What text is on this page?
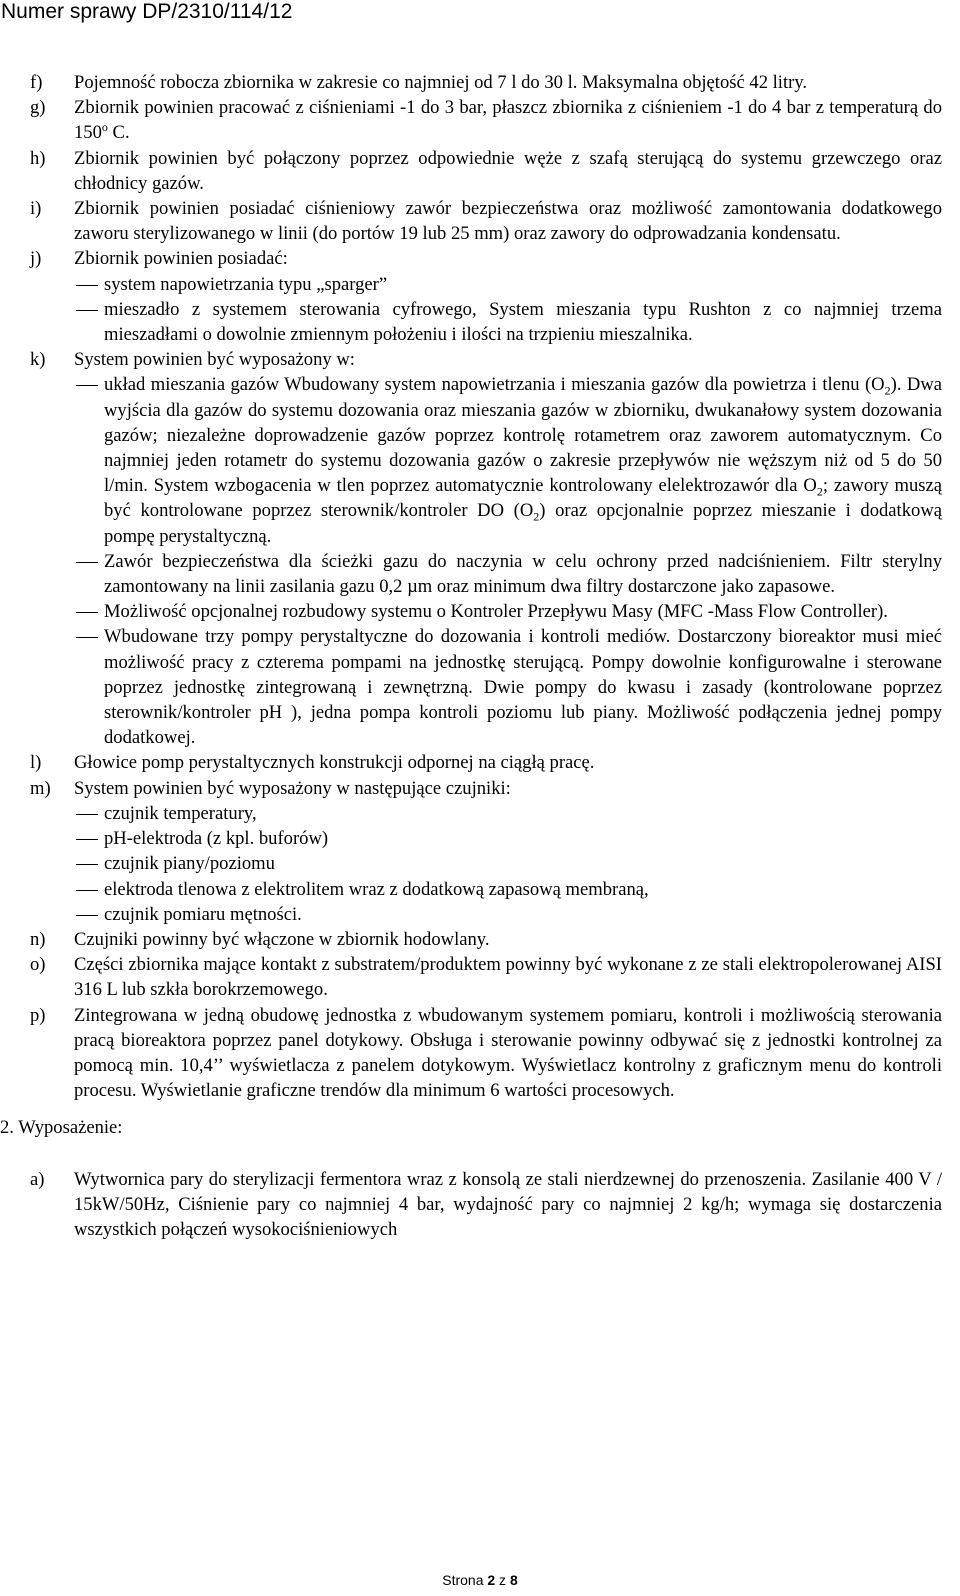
Numer sprawy DP/2310/114/12
f)	Pojemność robocza zbiornika w zakresie co najmniej od 7 l do 30 l. Maksymalna objętość 42 litry.
g)	Zbiornik powinien pracować z ciśnieniami -1 do 3 bar, płaszcz zbiornika z ciśnieniem -1 do 4 bar z temperaturą do 150$^o$ C.
h)	Zbiornik powinien być połączony poprzez odpowiednie węże z szafą sterującą do systemu grzewczego oraz chłodnicy gazów.
i)	Zbiornik powinien posiadać ciśnieniowy zawór bezpieczeństwa oraz możliwość zamontowania dodatkowego zaworu sterylizowanego w linii (do portów 19 lub 25 mm) oraz zawory do odprowadzania kondensatu.
j)	Zbiornik powinien posiadać:
system napowietrzania typu „sparger”
mieszadło z systemem sterowania cyfrowego, System mieszania typu Rushton z co najmniej trzema mieszadłami o dowolnie zmiennym położeniu i ilości na trzpieniu mieszalnika.
k)	System powinien być wyposażony w:
układ mieszania gazów Wbudowany system napowietrzania i mieszania gazów dla powietrza i tlenu $(O_2)$. Dwa wyjścia dla gazów do systemu dozowania oraz mieszania gazów w zbiorniku, dwukanałowy system dozowania gazów; niezależne doprowadzenie gazów poprzez kontrolę rotametrem oraz zaworem automatycznym. Co najmniej jeden rotametr do systemu dozowania gazów o zakresie przepływów nie węższym niż od 5 do 50 l/min. System wzbogacenia w tlen poprzez automatycznie kontrolowany elelektrozawór dla $O_2$; zawory muszą być kontrolowane poprzez sterownik/kontroler DO $(O_2)$ oraz opcjonalnie poprzez mieszanie i dodatkową pompę perystaltyczną.
Zawór bezpieczeństwa dla ścieżki gazu do naczynia w celu ochrony przed nadciśnieniem. Filtr sterylny zamontowany na linii zasilania gazu 0,2 µm oraz minimum dwa filtry dostarczone jako zapasowe.
Możliwość opcjonalnej rozbudowy systemu o Kontroler Przepływu Masy (MFC -Mass Flow Controller).
Wbudowane trzy pompy perystaltyczne do dozowania i kontroli mediów. Dostarczony bioreaktor musi mieć możliwość pracy z czterema pompami na jednostkę sterującą. Pompy dowolnie konfigurowalne i sterowane poprzez jednostkę zintegrowaną i zewnętrzną. Dwie pompy do kwasu i zasady (kontrolowane poprzez sterownik/kontroler pH ), jedna pompa kontroli poziomu lub piany. Możliwość podłączenia jednej pompy dodatkowej.
l)	Głowice pomp perystaltycznych konstrukcji odpornej na ciągłą pracę.
m)	System powinien być wyposażony w następujące czujniki:
czujnik temperatury,
pH-elektroda (z kpl. buforów)
czujnik piany/poziomu
elektroda tlenowa z elektrolitem wraz z dodatkową zapasową membraną,
czujnik pomiaru mętności.
n)	Czujniki powinny być włączone w zbiornik hodowlany.
o)	Części zbiornika mające kontakt z substratem/produktem powinny być wykonane z ze stali elektropolerowanej AISI 316 L lub szkła borokrzemowego.
p)	Zintegrowana w jedną obudowę jednostka z wbudowanym systemem pomiaru, kontroli i możliwością sterowania pracą bioreaktora poprzez panel dotykowy. Obsługa i sterowanie powinny odbywać się z jednostki kontrolnej za pomocą min. 10,4’’ wyświetlacza z panelem dotykowym. Wyświetlacz kontrolny z graficznym menu do kontroli procesu. Wyświetlanie graficzne trendów dla minimum 6 wartości procesowych.
2. Wyposażenie:
a)	Wytwornica pary do sterylizacji fermentora wraz z konsolą ze stali nierdzewnej do przenoszenia. Zasilanie 400 V / 15kW/50Hz, Ciśnienie pary co najmniej 4 bar, wydajność pary co najmniej 2 kg/h; wymaga się dostarczenia wszystkich połączeń wysokociśnieniowych
Strona 2 z 8
